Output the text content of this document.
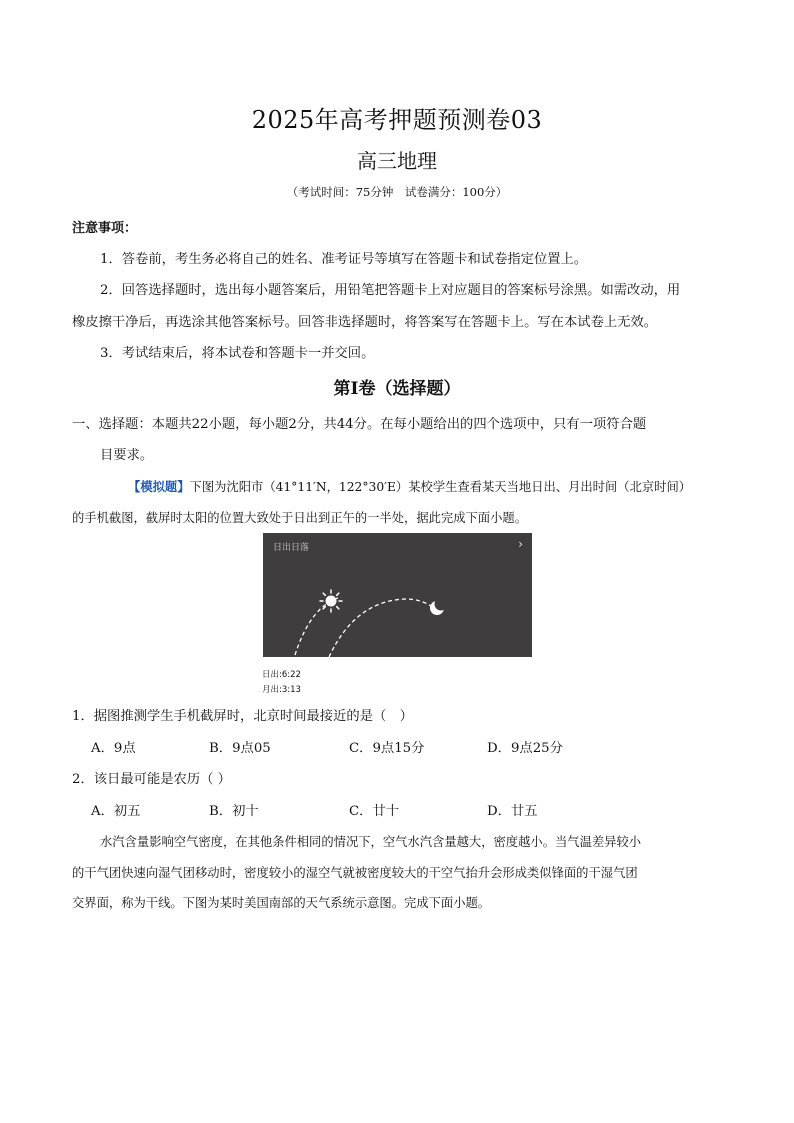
2025年高考押题预测卷03
高三地理
（考试时间：75分钟　试卷满分：100分）
注意事项：
1．答卷前，考生务必将自己的姓名、准考证号等填写在答题卡和试卷指定位置上。
2．回答选择题时，选出每小题答案后，用铅笔把答题卡上对应题目的答案标号涂黑。如需改动，用
橡皮擦干净后，再选涂其他答案标号。回答非选择题时，将答案写在答题卡上。写在本试卷上无效。
3．考试结束后，将本试卷和答题卡一并交回。
第Ⅰ卷（选择题）
一、选择题：本题共22小题，每小题2分，共44分。在每小题给出的四个选项中，只有一项符合题
目要求。
【模拟题】下图为沈阳市（41°11′N，122°30′E）某校学生查看某天当地日出、月出时间（北京时间）
的手机截图，截屏时太阳的位置大致处于日出到正午的一半处，据此完成下面小题。
日出日落	›
日出:6:22
月出:3:13
1．据图推测学生手机截屏时，北京时间最接近的是（　）
A．9点	B．9点05	C．9点15分	D．9点25分
2．该日最可能是农历（ ）
A．初五	B．初十	C．廿十	D．廿五
水汽含量影响空气密度，在其他条件相同的情况下，空气水汽含量越大，密度越小。当气温差异较小
的干气团快速向湿气团移动时，密度较小的湿空气就被密度较大的干空气抬升会形成类似锋面的干湿气团
交界面，称为干线。下图为某时美国南部的天气系统示意图。完成下面小题。
